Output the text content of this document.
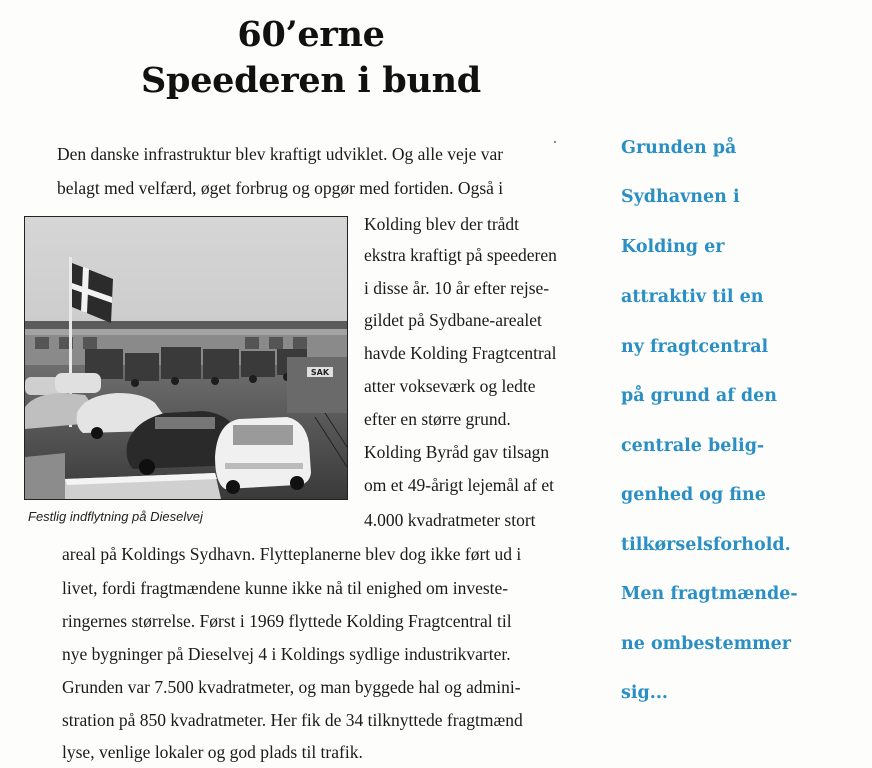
60’erne
Speederen i bund
Den danske infrastruktur blev kraftigt udviklet. Og alle veje var
belagt med velfærd, øget forbrug og opgør med fortiden. Også i
Kolding blev der trådt
ekstra kraftigt på speederen
i disse år. 10 år efter rejse-
gildet på Sydbane-arealet
havde Kolding Fragtcentral
atter vokseværk og ledte
efter en større grund.
Kolding Byråd gav tilsagn
om et 49-årigt lejemål af et
4.000 kvadratmeter stort
areal på Koldings Sydhavn. Flytteplanerne blev dog ikke ført ud i
livet, fordi fragtmændene kunne ikke nå til enighed om investe-
ringernes størrelse. Først i 1969 flyttede Kolding Fragtcentral til
nye bygninger på Dieselvej 4 i Koldings sydlige industrikvarter.
Grunden var 7.500 kvadratmeter, og man byggede hal og admini-
stration på 850 kvadratmeter. Her fik de 34 tilknyttede fragtmænd
lyse, venlige lokaler og god plads til trafik.
SAK
Festlig indflytning på Dieselvej
Grunden på
Sydhavnen i
Kolding er
attraktiv til en
ny fragtcentral
på grund af den
centrale belig-
genhed og fine
tilkørselsforhold.
Men fragtmænde-
ne ombestemmer
sig...
